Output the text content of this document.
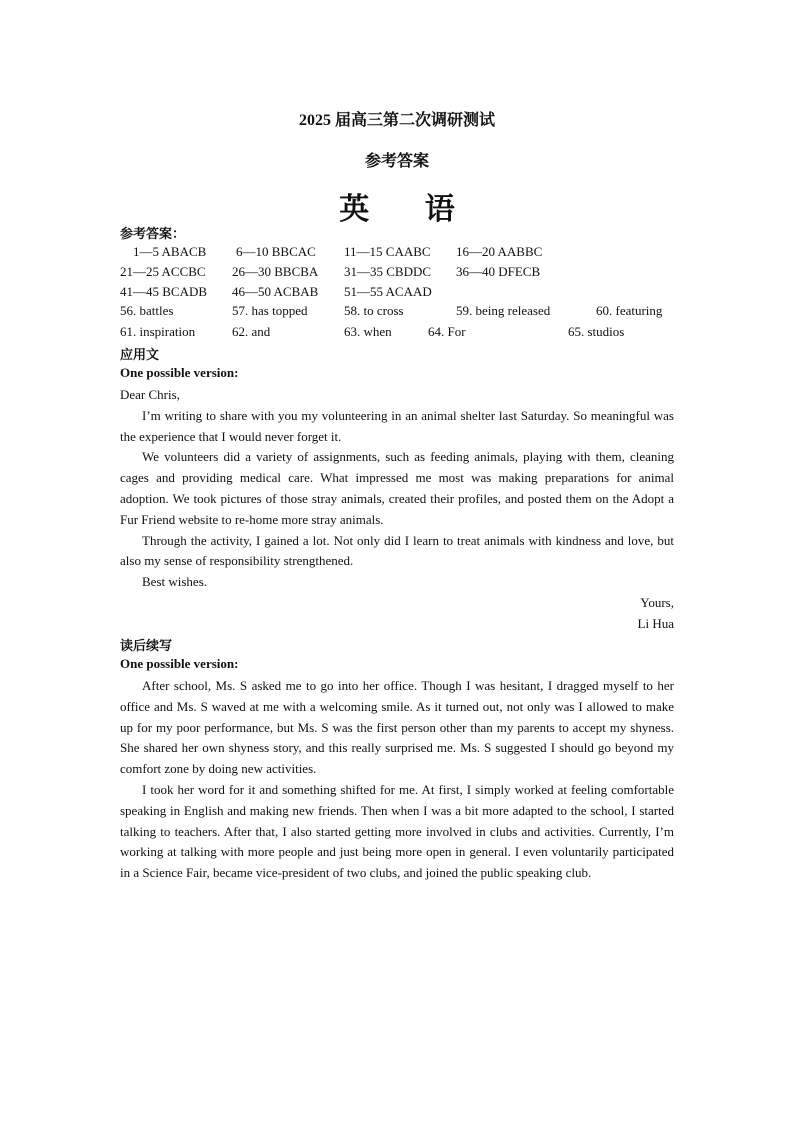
2025 届高三第二次调研测试
参考答案
英 语
参考答案：
1—5 ABACB 6—10 BBCAC 11—15 CAABC 16—20 AABBC
21—25 ACCBC 26—30 BBCBA 31—35 CBDDC 36—40 DFECB
41—45 BCADB 46—50 ACBAB 51—55 ACAAD
56. battles	57. has topped	58. to cross	59. being released	60. featuring
61. inspiration	62. and	63. when	64. For	65. studios
应用文
One possible version:

Dear Chris,

I’m writing to share with you my volunteering in an animal shelter last Saturday. So meaningful was the experience that I would never forget it.

We volunteers did a variety of assignments, such as feeding animals, playing with them, cleaning cages and providing medical care. What impressed me most was making preparations for animal adoption. We took pictures of those stray animals, created their profiles, and posted them on the Adopt a Fur Friend website to re-home more stray animals.

Through the activity, I gained a lot. Not only did I learn to treat animals with kindness and love, but also my sense of responsibility strengthened.

Best wishes.

Yours,

Li Hua

读后续写
One possible version:

After school, Ms. S asked me to go into her office. Though I was hesitant, I dragged myself to her office and Ms. S waved at me with a welcoming smile. As it turned out, not only was I allowed to make up for my poor performance, but Ms. S was the first person other than my parents to accept my shyness. She shared her own shyness story, and this really surprised me. Ms. S suggested I should go beyond my comfort zone by doing new activities.

I took her word for it and something shifted for me. At first, I simply worked at feeling comfortable speaking in English and making new friends. Then when I was a bit more adapted to the school, I started talking to teachers. After that, I also started getting more involved in clubs and activities. Currently, I’m working at talking with more people and just being more open in general. I even voluntarily participated in a Science Fair, became vice-president of two clubs, and joined the public speaking club.
